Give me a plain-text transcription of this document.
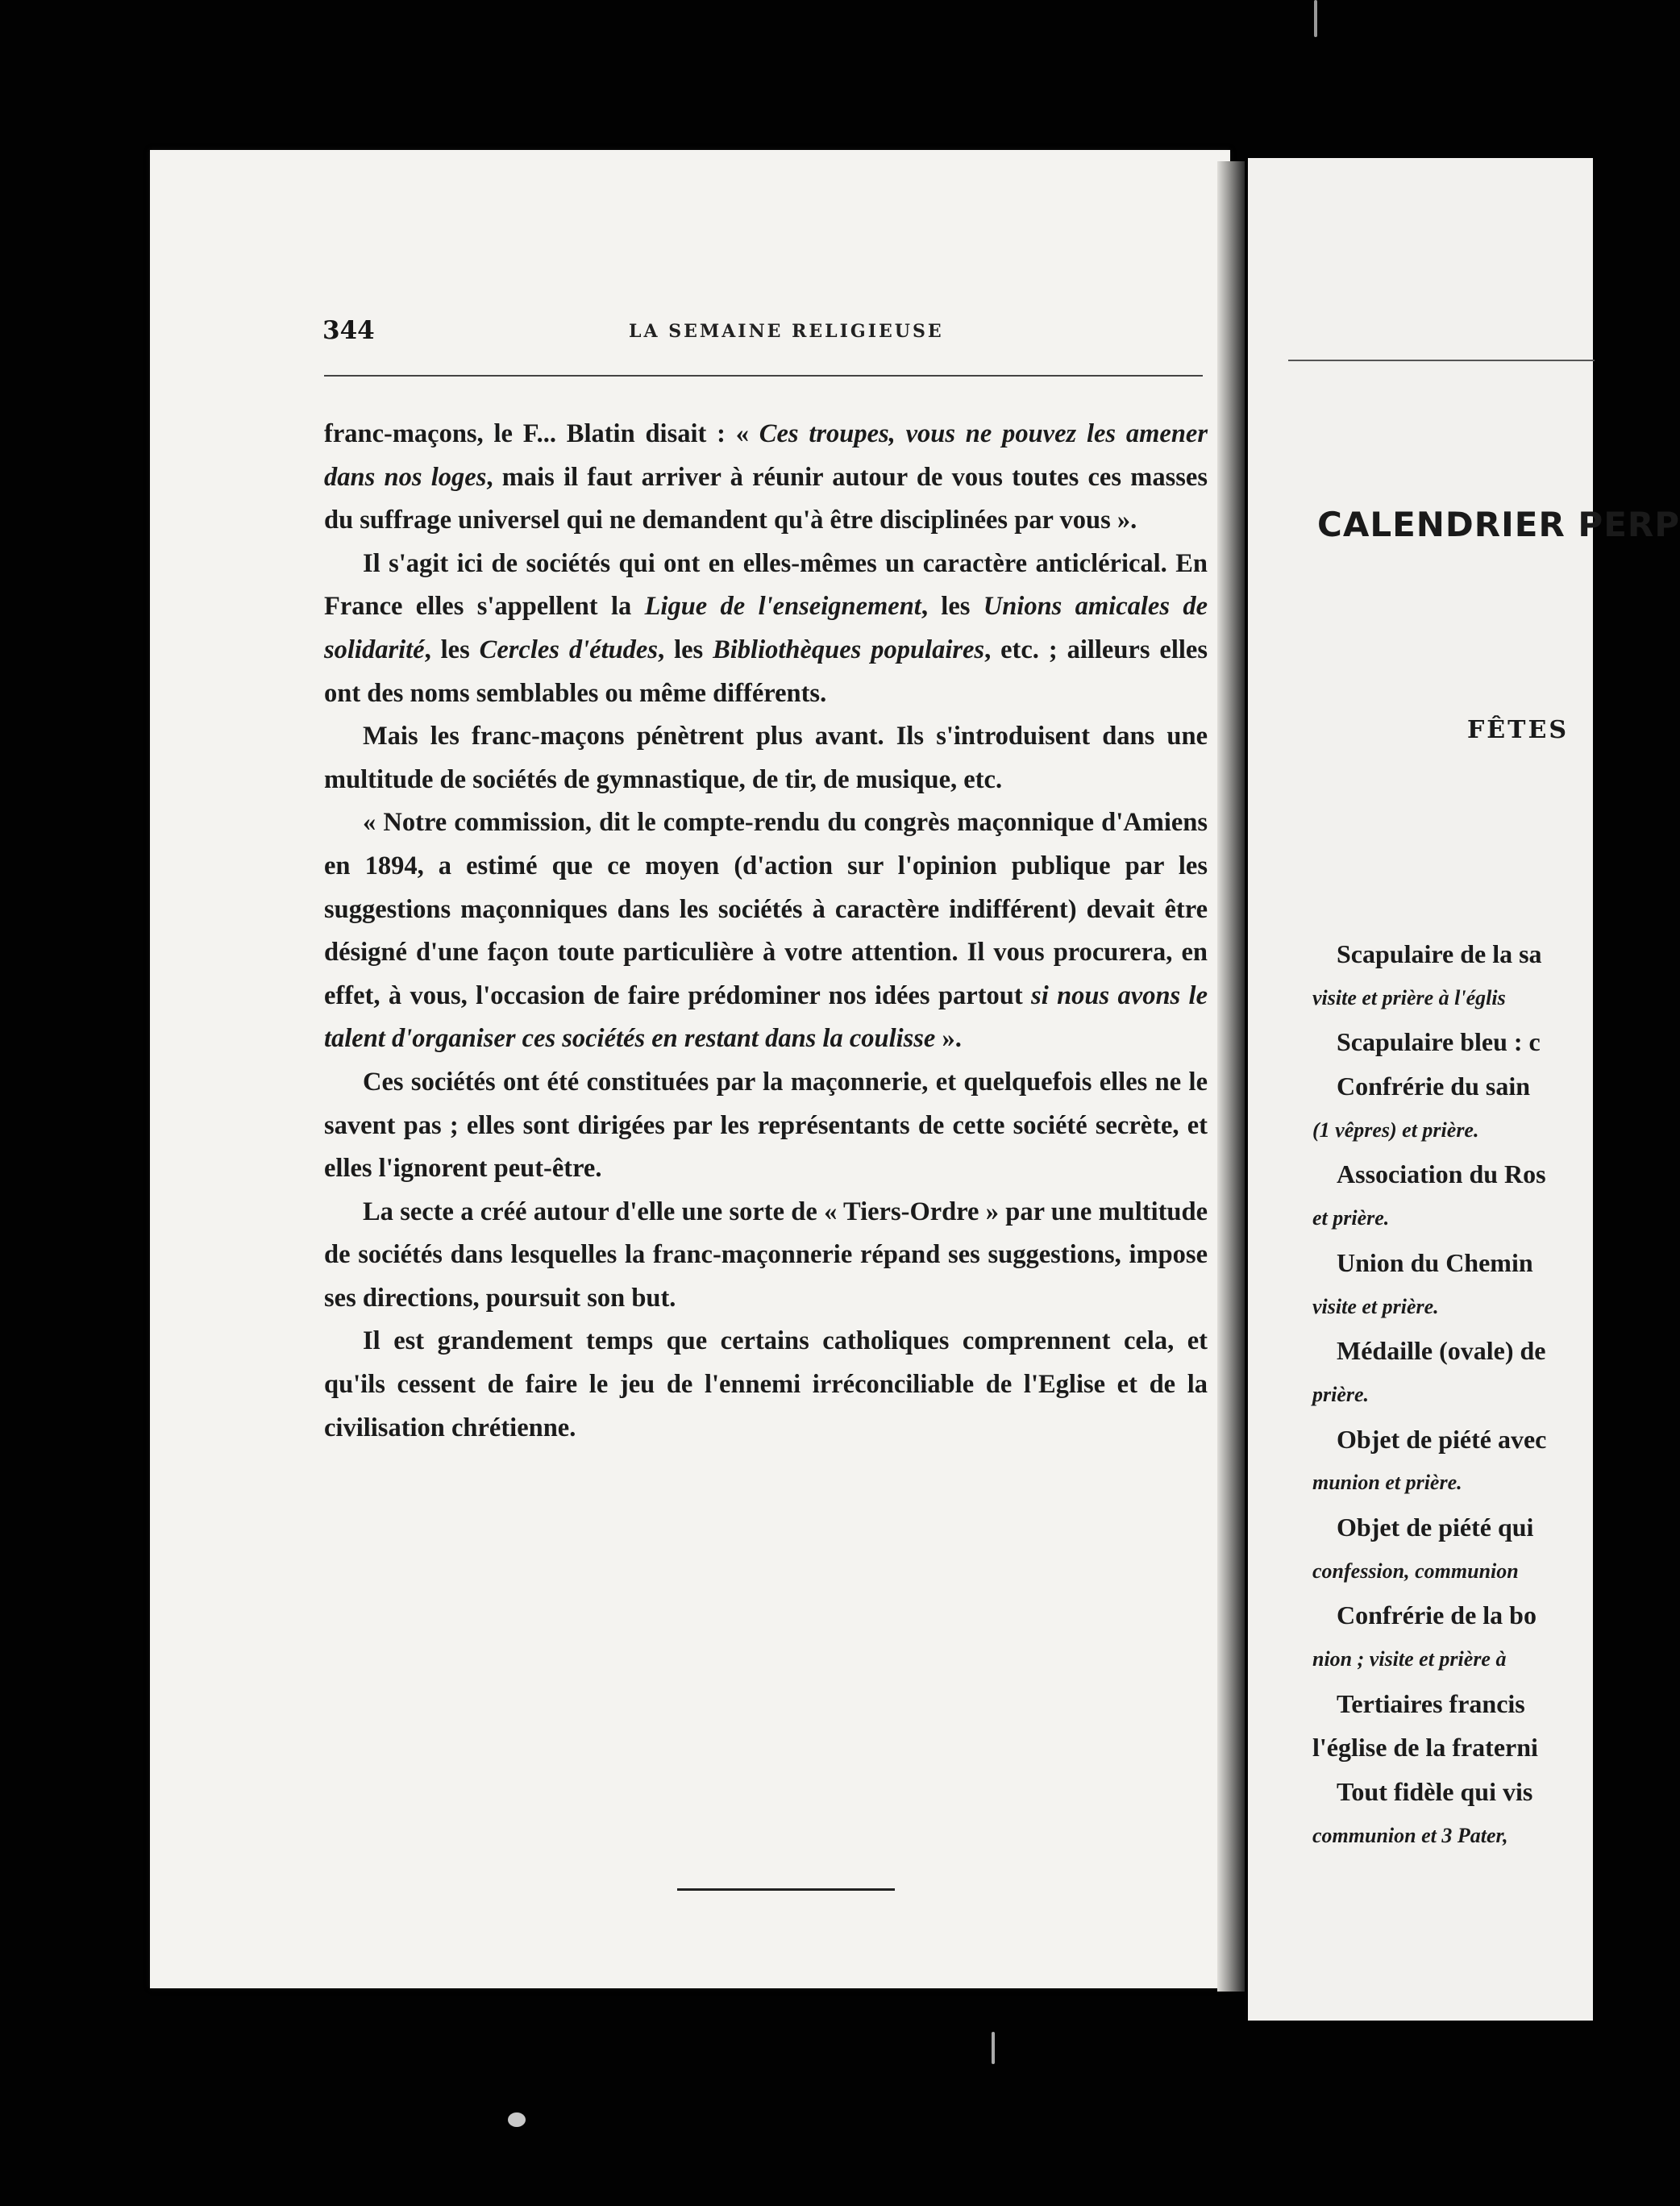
CALENDRIER PERP
FÊTES
Scapulaire de la sa
visite et prière à l'églis
Scapulaire bleu : c
Confrérie du sain
(1 vêpres) et prière.
Association du Ros
et prière.
Union du Chemin
visite et prière.
Médaille (ovale) de
prière.
Objet de piété avec
munion et prière.
Objet de piété qui
confession, communion
Confrérie de la bo
nion ; visite et prière à
Tertiaires francis
l'église de la fraterni
Tout fidèle qui vis
communion et 3 Pater,
344	LA SEMAINE RELIGIEUSE

franc-maçons, le F... Blatin disait : « Ces troupes, vous ne pouvez les amener dans nos loges, mais il faut arriver à réunir autour de vous toutes ces masses du suffrage universel qui ne demandent qu'à être disciplinées par vous ».

Il s'agit ici de sociétés qui ont en elles-mêmes un caractère anticlérical. En France elles s'appellent la Ligue de l'enseignement, les Unions amicales de solidarité, les Cercles d'études, les Bibliothèques populaires, etc. ; ailleurs elles ont des noms semblables ou même différents.

Mais les franc-maçons pénètrent plus avant. Ils s'introduisent dans une multitude de sociétés de gymnastique, de tir, de musique, etc.

« Notre commission, dit le compte-rendu du congrès maçonnique d'Amiens en 1894, a estimé que ce moyen (d'action sur l'opinion publique par les suggestions maçonniques dans les sociétés à caractère indifférent) devait être désigné d'une façon toute particulière à votre attention. Il vous procurera, en effet, à vous, l'occasion de faire prédominer nos idées partout si nous avons le talent d'organiser ces sociétés en restant dans la coulisse ».

Ces sociétés ont été constituées par la maçonnerie, et quelquefois elles ne le savent pas ; elles sont dirigées par les représentants de cette société secrète, et elles l'ignorent peut-être.

La secte a créé autour d'elle une sorte de « Tiers-Ordre » par une multitude de sociétés dans lesquelles la franc-maçonnerie répand ses suggestions, impose ses directions, poursuit son but.

Il est grandement temps que certains catholiques comprennent cela, et qu'ils cessent de faire le jeu de l'ennemi irréconciliable de l'Eglise et de la civilisation chrétienne.
